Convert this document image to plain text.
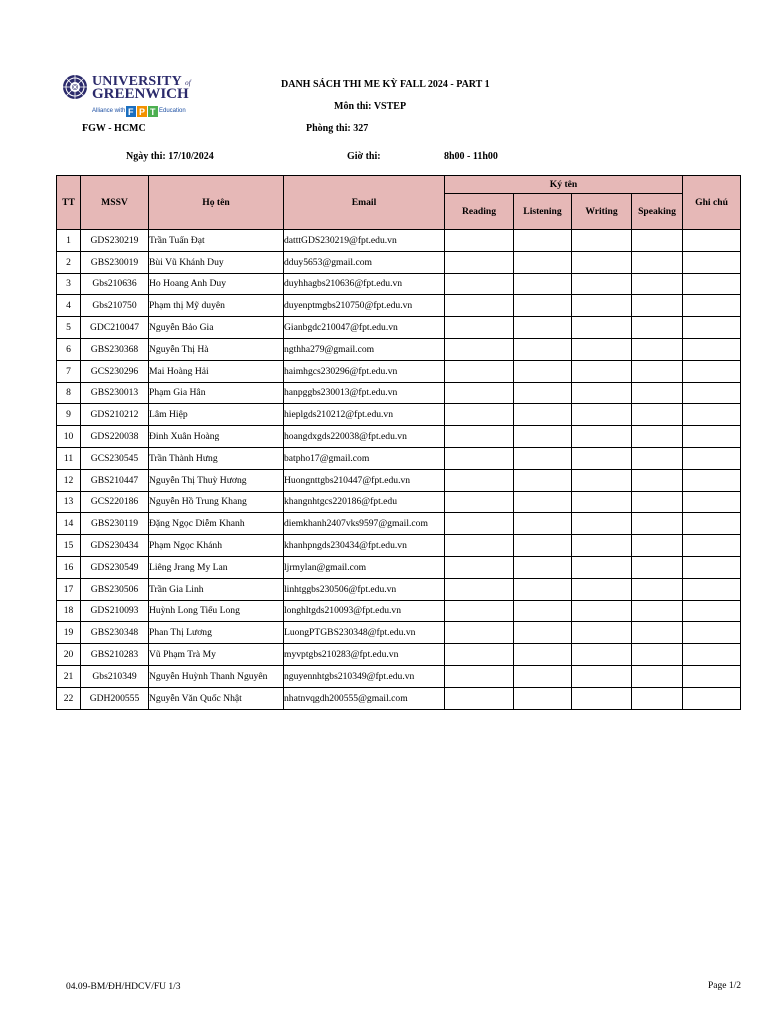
UNIVERSITY of
GREENWICH
Alliance with F P T Education
DANH SÁCH THI ME KỲ FALL 2024 - PART 1
Môn thi: VSTEP
FGW - HCMC	Phòng thi: 327
Ngày thi: 17/10/2024	Giờ thi:	8h00 - 11h00
TT	MSSV	Họ tên	Email	Ký tên				Ghi chú
				Reading	Listening	Writing	Speaking	
1	GDS230219	Trần Tuấn Đạt	datttGDS230219@fpt.edu.vn					
2	GBS230019	Bùi Vũ Khánh Duy	dduy5653@gmail.com					
3	Gbs210636	Ho Hoang Anh Duy	duyhhagbs210636@fpt.edu.vn					
4	Gbs210750	Phạm thị Mỹ duyên	duyenptmgbs210750@fpt.edu.vn					
5	GDC210047	Nguyễn Bảo Gia	Gianbgdc210047@fpt.edu.vn					
6	GBS230368	Nguyễn Thị Hà	ngthha279@gmail.com					
7	GCS230296	Mai Hoàng Hải	haimhgcs230296@fpt.edu.vn					
8	GBS230013	Phạm Gia Hân	hanpggbs230013@fpt.edu.vn					
9	GDS210212	Lâm Hiệp	hieplgds210212@fpt.edu.vn					
10	GDS220038	Đinh Xuân Hoàng	hoangdxgds220038@fpt.edu.vn					
11	GCS230545	Trần Thành Hưng	batpho17@gmail.com					
12	GBS210447	Nguyễn Thị Thuỳ Hương	Huongnttgbs210447@fpt.edu.vn					
13	GCS220186	Nguyễn Hồ Trung Khang	khangnhtgcs220186@fpt.edu					
14	GBS230119	Đặng Ngọc Diễm Khanh	diemkhanh2407vks9597@gmail.com					
15	GDS230434	Phạm Ngọc Khánh	khanhpngds230434@fpt.edu.vn					
16	GDS230549	Liêng Jrang My Lan	ljrmylan@gmail.com					
17	GBS230506	Trần Gia Linh	linhtggbs230506@fpt.edu.vn					
18	GDS210093	Huỳnh Long Tiểu Long	longhltgds210093@fpt.edu.vn					
19	GBS230348	Phan Thị Lương	LuongPTGBS230348@fpt.edu.vn					
20	GBS210283	Vũ Phạm Trà My	myvptgbs210283@fpt.edu.vn					
21	Gbs210349	Nguyễn Huỳnh Thanh Nguyên	nguyennhtgbs210349@fpt.edu.vn					
22	GDH200555	Nguyễn Văn Quốc Nhật	nhatnvqgdh200555@gmail.com					
04.09-BM/ĐH/HDCV/FU 1/3	Page 1/2
